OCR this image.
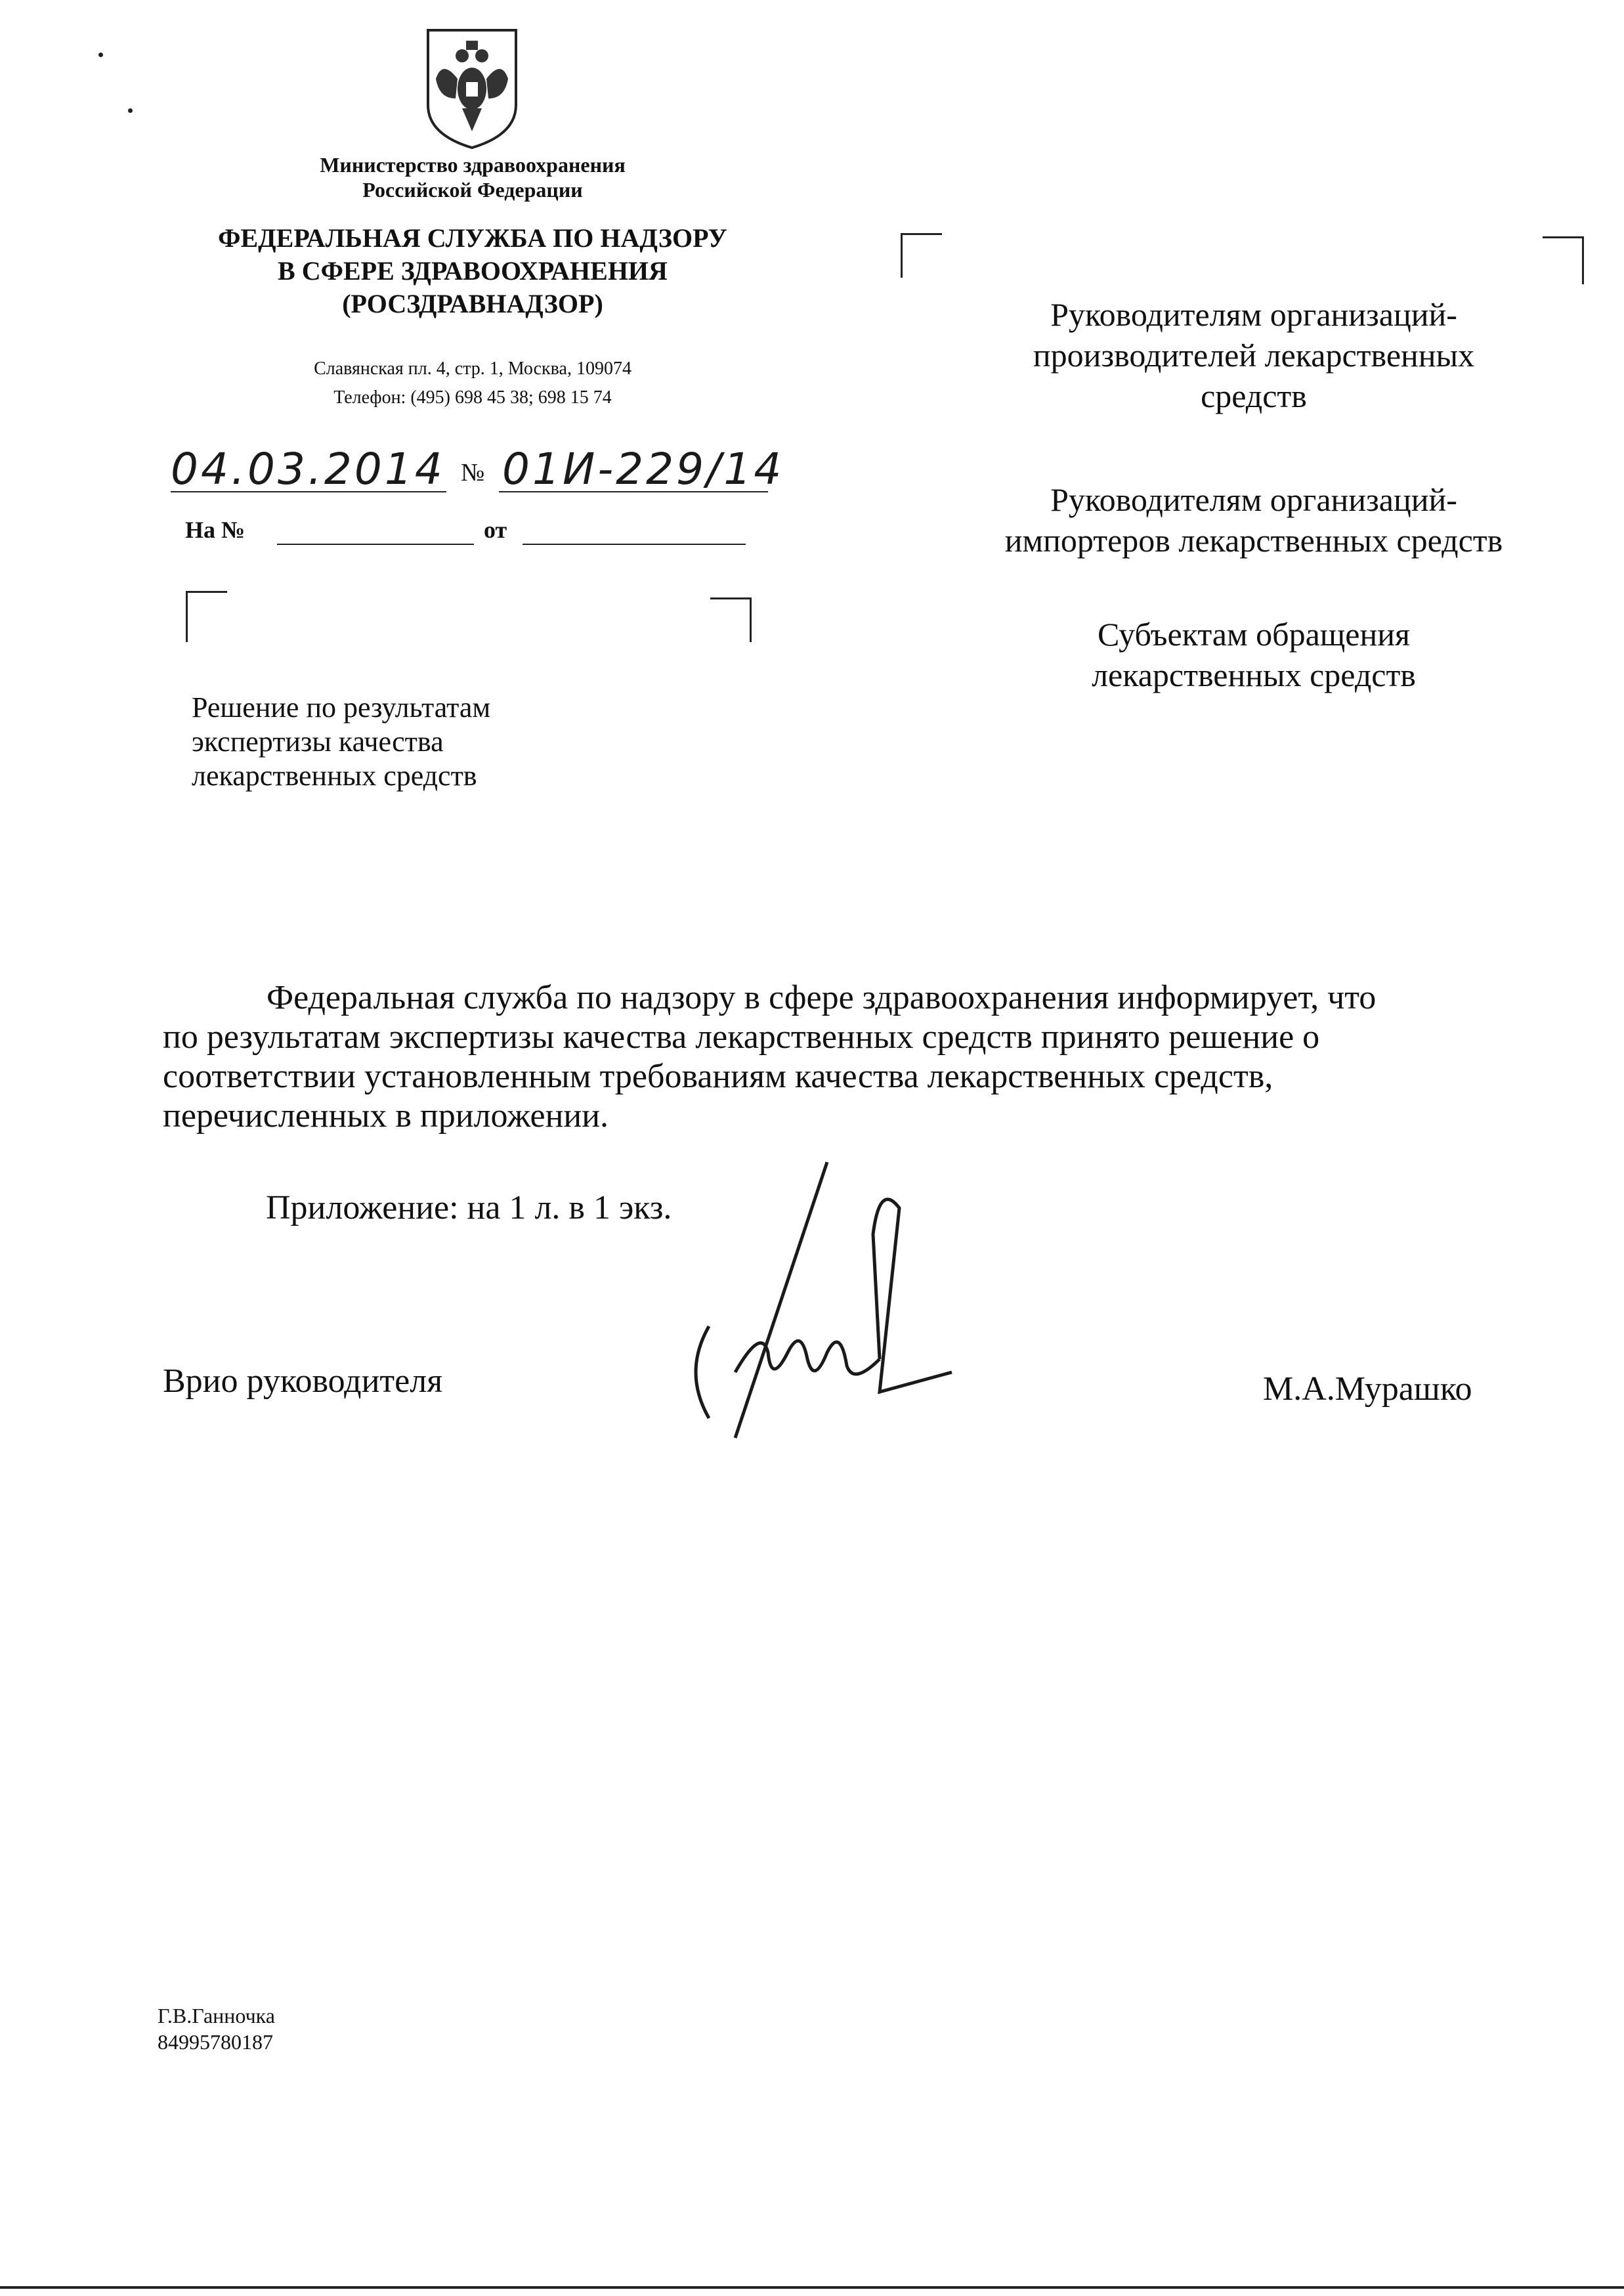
Министерство здравоохранения
Российской Федерации
ФЕДЕРАЛЬНАЯ СЛУЖБА ПО НАДЗОРУ
В СФЕРЕ ЗДРАВООХРАНЕНИЯ
(РОСЗДРАВНАДЗОР)
Славянская пл. 4, стр. 1, Москва, 109074
Телефон: (495) 698 45 38; 698 15 74
04.03.2014 № 01И-229/14
На №	от
Решение по результатам
экспертизы качества
лекарственных средств
Руководителям организаций-
производителей лекарственных
средств
Руководителям организаций-
импортеров лекарственных средств
Субъектам обращения
лекарственных средств
Федеральная служба по надзору в сфере здравоохранения информирует, что
по результатам экспертизы качества лекарственных средств принято решение о
соответствии установленным требованиям качества лекарственных средств,
перечисленных в приложении.
Приложение: на 1 л. в 1 экз.
Врио руководителя	М.А.Мурашко
Г.В.Ганночка
84995780187
